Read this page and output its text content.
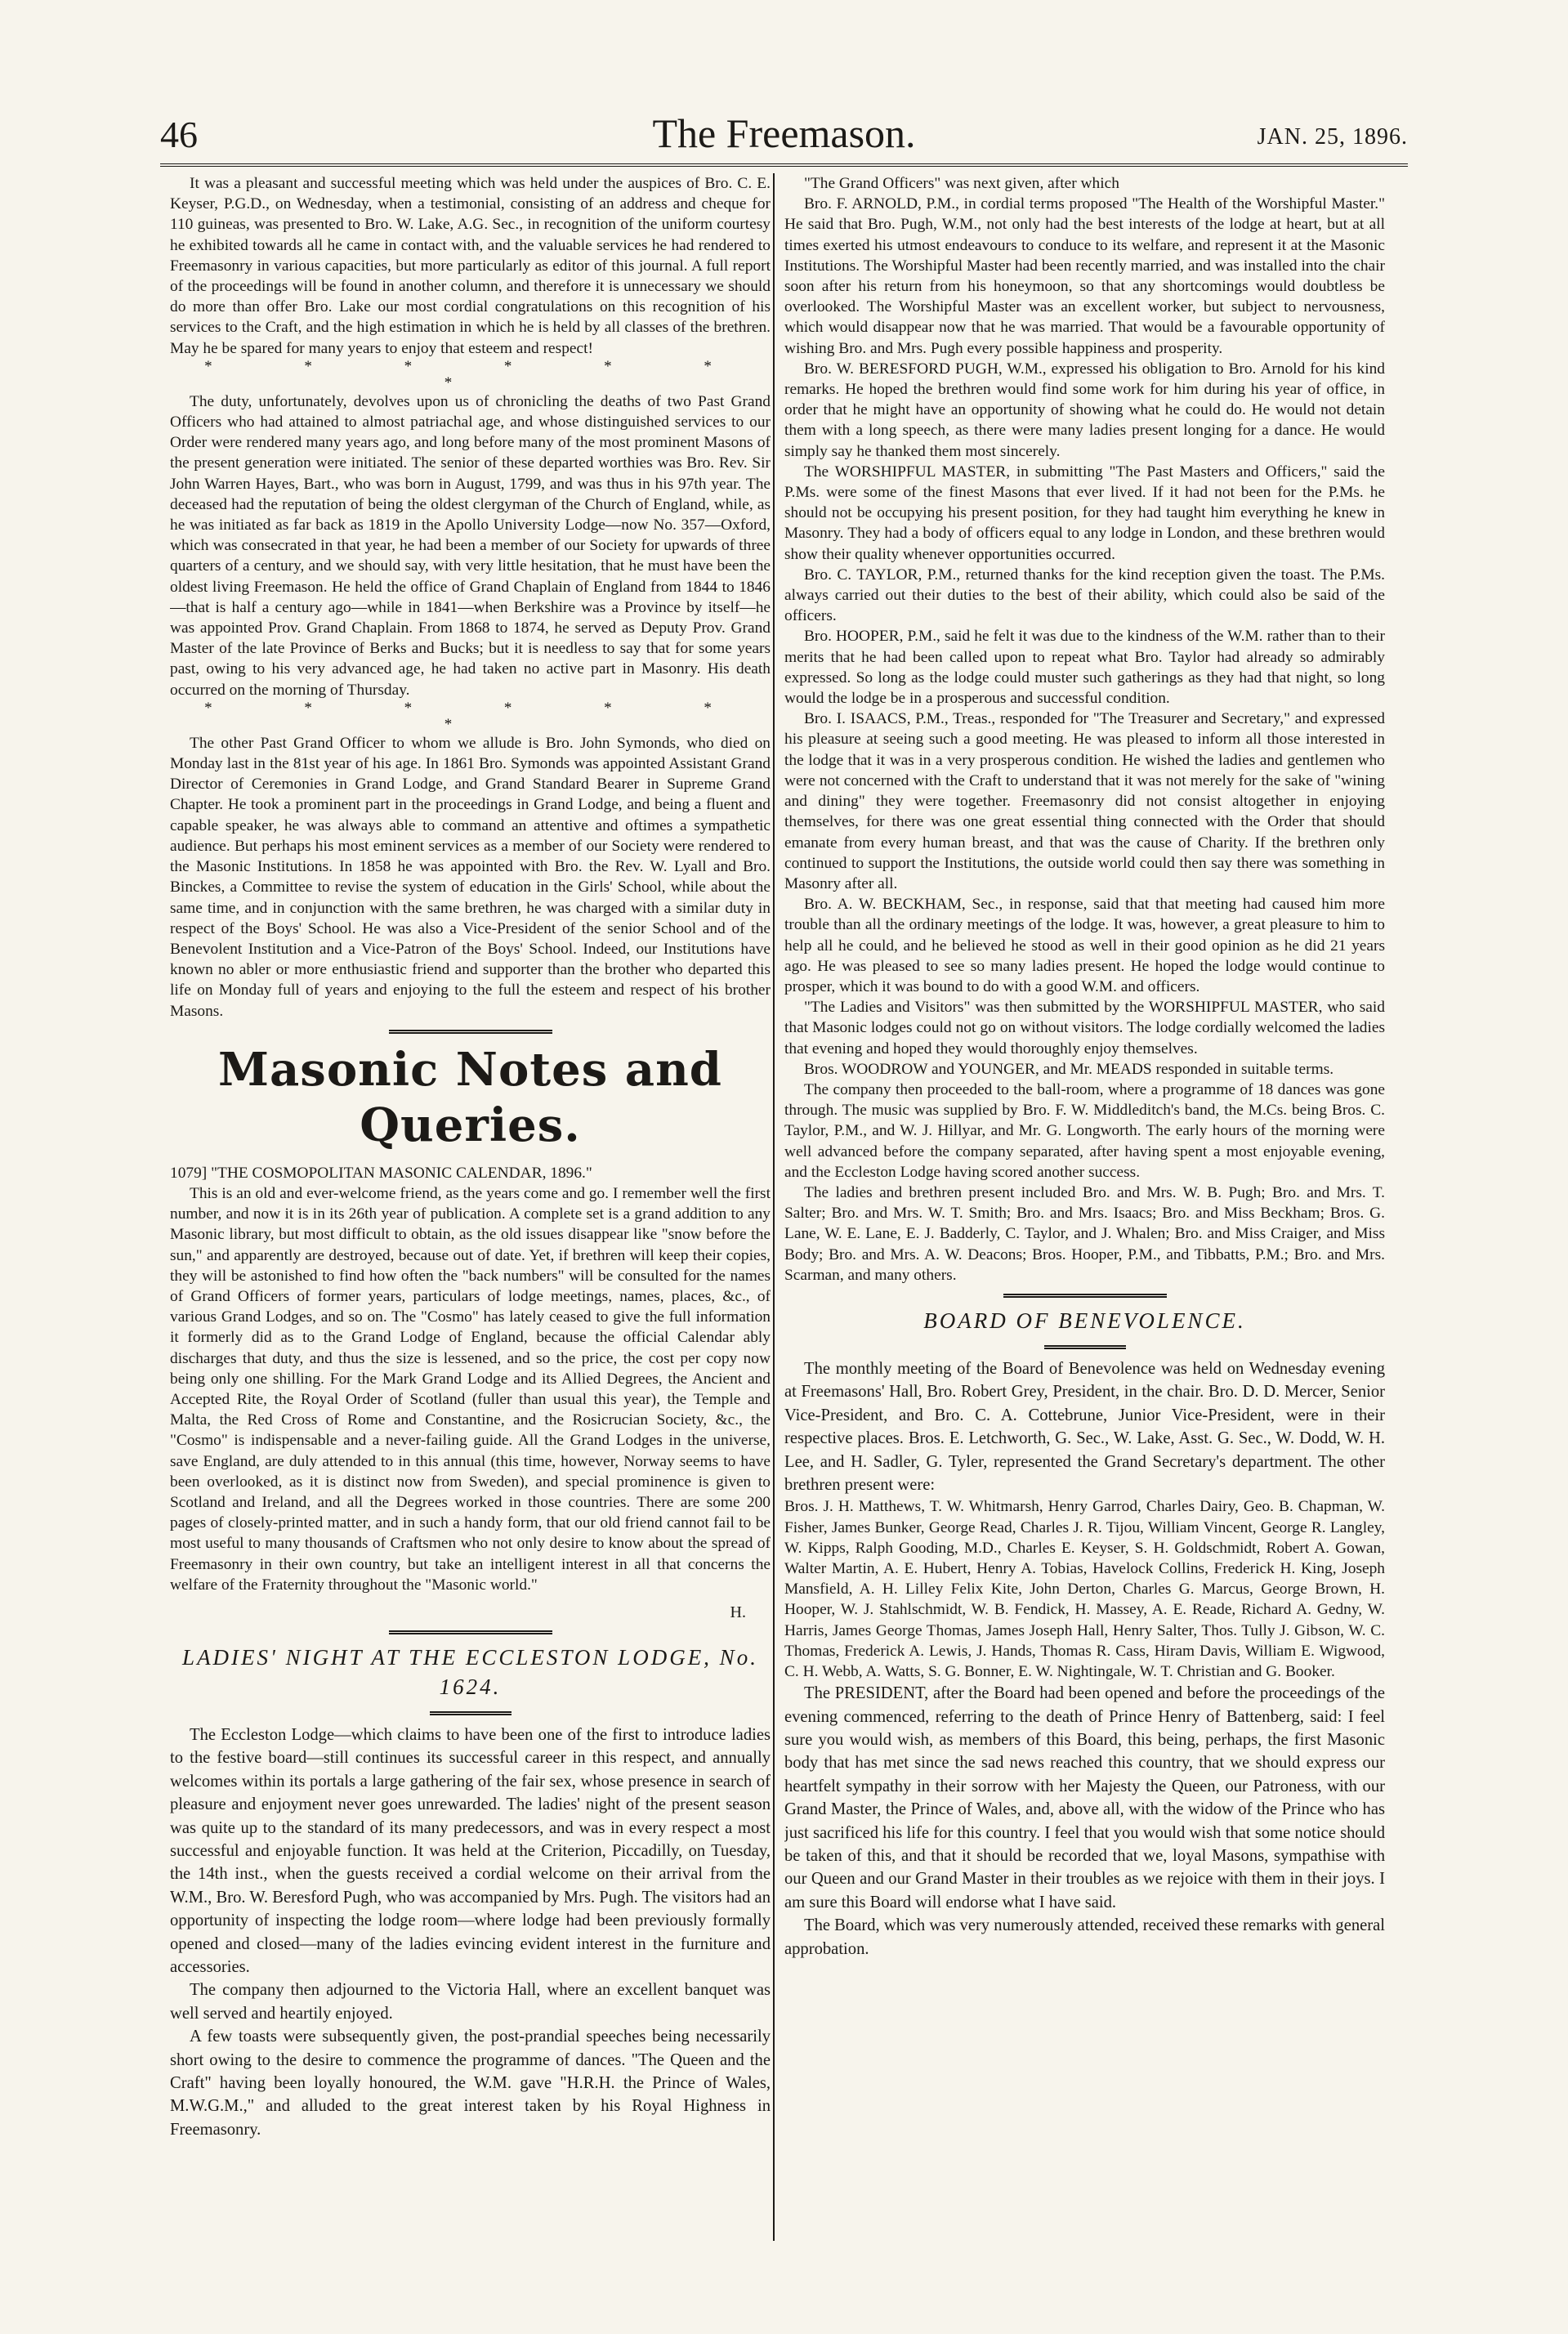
46	The Freemason.	JAN. 25, 1896.

It was a pleasant and successful meeting which was held under the auspices of Bro. C. E. Keyser, P.G.D., on Wednesday, when a testimonial, consisting of an address and cheque for 110 guineas, was presented to Bro. W. Lake, A.G. Sec., in recognition of the uniform courtesy he exhibited towards all he came in contact with, and the valuable services he had rendered to Freemasonry in various capacities, but more particularly as editor of this journal. A full report of the proceedings will be found in another column, and therefore it is unnecessary we should do more than offer Bro. Lake our most cordial congratulations on this recognition of his services to the Craft, and the high estimation in which he is held by all classes of the brethren. May he be spared for many years to enjoy that esteem and respect!

* * * * * * *

The duty, unfortunately, devolves upon us of chronicling the deaths of two Past Grand Officers who had attained to almost patriachal age, and whose distinguished services to our Order were rendered many years ago, and long before many of the most prominent Masons of the present generation were initiated. The senior of these departed worthies was Bro. Rev. Sir John Warren Hayes, Bart., who was born in August, 1799, and was thus in his 97th year. The deceased had the reputation of being the oldest clergyman of the Church of England, while, as he was initiated as far back as 1819 in the Apollo University Lodge—now No. 357—Oxford, which was consecrated in that year, he had been a member of our Society for upwards of three quarters of a century, and we should say, with very little hesitation, that he must have been the oldest living Freemason. He held the office of Grand Chaplain of England from 1844 to 1846—that is half a century ago—while in 1841—when Berkshire was a Province by itself—he was appointed Prov. Grand Chaplain. From 1868 to 1874, he served as Deputy Prov. Grand Master of the late Province of Berks and Bucks; but it is needless to say that for some years past, owing to his very advanced age, he had taken no active part in Masonry. His death occurred on the morning of Thursday.

* * * * * * *

The other Past Grand Officer to whom we allude is Bro. John Symonds, who died on Monday last in the 81st year of his age. In 1861 Bro. Symonds was appointed Assistant Grand Director of Ceremonies in Grand Lodge, and Grand Standard Bearer in Supreme Grand Chapter. He took a prominent part in the proceedings in Grand Lodge, and being a fluent and capable speaker, he was always able to command an attentive and oftimes a sympathetic audience. But perhaps his most eminent services as a member of our Society were rendered to the Masonic Institutions. In 1858 he was appointed with Bro. the Rev. W. Lyall and Bro. Binckes, a Committee to revise the system of education in the Girls' School, while about the same time, and in conjunction with the same brethren, he was charged with a similar duty in respect of the Boys' School. He was also a Vice-President of the senior School and of the Benevolent Institution and a Vice-Patron of the Boys' School. Indeed, our Institutions have known no abler or more enthusiastic friend and supporter than the brother who departed this life on Monday full of years and enjoying to the full the esteem and respect of his brother Masons.

Masonic Notes and Queries.

1079] "THE COSMOPOLITAN MASONIC CALENDAR, 1896."

This is an old and ever-welcome friend, as the years come and go. I remember well the first number, and now it is in its 26th year of publication. A complete set is a grand addition to any Masonic library, but most difficult to obtain, as the old issues disappear like "snow before the sun," and apparently are destroyed, because out of date. Yet, if brethren will keep their copies, they will be astonished to find how often the "back numbers" will be consulted for the names of Grand Officers of former years, particulars of lodge meetings, names, places, &c., of various Grand Lodges, and so on. The "Cosmo" has lately ceased to give the full information it formerly did as to the Grand Lodge of England, because the official Calendar ably discharges that duty, and thus the size is lessened, and so the price, the cost per copy now being only one shilling. For the Mark Grand Lodge and its Allied Degrees, the Ancient and Accepted Rite, the Royal Order of Scotland (fuller than usual this year), the Temple and Malta, the Red Cross of Rome and Constantine, and the Rosicrucian Society, &c., the "Cosmo" is indispensable and a never-failing guide. All the Grand Lodges in the universe, save England, are duly attended to in this annual (this time, however, Norway seems to have been overlooked, as it is distinct now from Sweden), and special prominence is given to Scotland and Ireland, and all the Degrees worked in those countries. There are some 200 pages of closely-printed matter, and in such a handy form, that our old friend cannot fail to be most useful to many thousands of Craftsmen who not only desire to know about the spread of Freemasonry in their own country, but take an intelligent interest in all that concerns the welfare of the Fraternity throughout the "Masonic world."

H.
LADIES' NIGHT AT THE ECCLESTON LODGE, No. 1624.

The Eccleston Lodge—which claims to have been one of the first to introduce ladies to the festive board—still continues its successful career in this respect, and annually welcomes within its portals a large gathering of the fair sex, whose presence in search of pleasure and enjoyment never goes unrewarded. The ladies' night of the present season was quite up to the standard of its many predecessors, and was in every respect a most successful and enjoyable function. It was held at the Criterion, Piccadilly, on Tuesday, the 14th inst., when the guests received a cordial welcome on their arrival from the W.M., Bro. W. Beresford Pugh, who was accompanied by Mrs. Pugh. The visitors had an opportunity of inspecting the lodge room—where lodge had been previously formally opened and closed—many of the ladies evincing evident interest in the furniture and accessories.

The company then adjourned to the Victoria Hall, where an excellent banquet was well served and heartily enjoyed.

A few toasts were subsequently given, the post-prandial speeches being necessarily short owing to the desire to commence the programme of dances. "The Queen and the Craft" having been loyally honoured, the W.M. gave "H.R.H. the Prince of Wales, M.W.G.M.," and alluded to the great interest taken by his Royal Highness in Freemasonry.

"The Grand Officers" was next given, after which

Bro. F. ARNOLD, P.M., in cordial terms proposed "The Health of the Worshipful Master." He said that Bro. Pugh, W.M., not only had the best interests of the lodge at heart, but at all times exerted his utmost endeavours to conduce to its welfare, and represent it at the Masonic Institutions. The Worshipful Master had been recently married, and was installed into the chair soon after his return from his honeymoon, so that any shortcomings would doubtless be overlooked. The Worshipful Master was an excellent worker, but subject to nervousness, which would disappear now that he was married. That would be a favourable opportunity of wishing Bro. and Mrs. Pugh every possible happiness and prosperity.

Bro. W. BERESFORD PUGH, W.M., expressed his obligation to Bro. Arnold for his kind remarks. He hoped the brethren would find some work for him during his year of office, in order that he might have an opportunity of showing what he could do. He would not detain them with a long speech, as there were many ladies present longing for a dance. He would simply say he thanked them most sincerely.

The WORSHIPFUL MASTER, in submitting "The Past Masters and Officers," said the P.Ms. were some of the finest Masons that ever lived. If it had not been for the P.Ms. he should not be occupying his present position, for they had taught him everything he knew in Masonry. They had a body of officers equal to any lodge in London, and these brethren would show their quality whenever opportunities occurred.

Bro. C. TAYLOR, P.M., returned thanks for the kind reception given the toast. The P.Ms. always carried out their duties to the best of their ability, which could also be said of the officers.

Bro. HOOPER, P.M., said he felt it was due to the kindness of the W.M. rather than to their merits that he had been called upon to repeat what Bro. Taylor had already so admirably expressed. So long as the lodge could muster such gatherings as they had that night, so long would the lodge be in a prosperous and successful condition.

Bro. I. ISAACS, P.M., Treas., responded for "The Treasurer and Secretary," and expressed his pleasure at seeing such a good meeting. He was pleased to inform all those interested in the lodge that it was in a very prosperous condition. He wished the ladies and gentlemen who were not concerned with the Craft to understand that it was not merely for the sake of "wining and dining" they were together. Freemasonry did not consist altogether in enjoying themselves, for there was one great essential thing connected with the Order that should emanate from every human breast, and that was the cause of Charity. If the brethren only continued to support the Institutions, the outside world could then say there was something in Masonry after all.

Bro. A. W. BECKHAM, Sec., in response, said that that meeting had caused him more trouble than all the ordinary meetings of the lodge. It was, however, a great pleasure to him to help all he could, and he believed he stood as well in their good opinion as he did 21 years ago. He was pleased to see so many ladies present. He hoped the lodge would continue to prosper, which it was bound to do with a good W.M. and officers.

"The Ladies and Visitors" was then submitted by the WORSHIPFUL MASTER, who said that Masonic lodges could not go on without visitors. The lodge cordially welcomed the ladies that evening and hoped they would thoroughly enjoy themselves.

Bros. WOODROW and YOUNGER, and Mr. MEADS responded in suitable terms.

The company then proceeded to the ball-room, where a programme of 18 dances was gone through. The music was supplied by Bro. F. W. Middleditch's band, the M.Cs. being Bros. C. Taylor, P.M., and W. J. Hillyar, and Mr. G. Longworth. The early hours of the morning were well advanced before the company separated, after having spent a most enjoyable evening, and the Eccleston Lodge having scored another success.

The ladies and brethren present included Bro. and Mrs. W. B. Pugh; Bro. and Mrs. T. Salter; Bro. and Mrs. W. T. Smith; Bro. and Mrs. Isaacs; Bro. and Miss Beckham; Bros. G. Lane, W. E. Lane, E. J. Badderly, C. Taylor, and J. Whalen; Bro. and Miss Craiger, and Miss Body; Bro. and Mrs. A. W. Deacons; Bros. Hooper, P.M., and Tibbatts, P.M.; Bro. and Mrs. Scarman, and many others.

BOARD OF BENEVOLENCE.

The monthly meeting of the Board of Benevolence was held on Wednesday evening at Freemasons' Hall, Bro. Robert Grey, President, in the chair. Bro. D. D. Mercer, Senior Vice-President, and Bro. C. A. Cottebrune, Junior Vice-President, were in their respective places. Bros. E. Letchworth, G. Sec., W. Lake, Asst. G. Sec., W. Dodd, W. H. Lee, and H. Sadler, G. Tyler, represented the Grand Secretary's department. The other brethren present were:

Bros. J. H. Matthews, T. W. Whitmarsh, Henry Garrod, Charles Dairy, Geo. B. Chapman, W. Fisher, James Bunker, George Read, Charles J. R. Tijou, William Vincent, George R. Langley, W. Kipps, Ralph Gooding, M.D., Charles E. Keyser, S. H. Goldschmidt, Robert A. Gowan, Walter Martin, A. E. Hubert, Henry A. Tobias, Havelock Collins, Frederick H. King, Joseph Mansfield, A. H. Lilley Felix Kite, John Derton, Charles G. Marcus, George Brown, H. Hooper, W. J. Stahlschmidt, W. B. Fendick, H. Massey, A. E. Reade, Richard A. Gedny, W. Harris, James George Thomas, James Joseph Hall, Henry Salter, Thos. Tully J. Gibson, W. C. Thomas, Frederick A. Lewis, J. Hands, Thomas R. Cass, Hiram Davis, William E. Wigwood, C. H. Webb, A. Watts, S. G. Bonner, E. W. Nightingale, W. T. Christian and G. Booker.

The PRESIDENT, after the Board had been opened and before the proceedings of the evening commenced, referring to the death of Prince Henry of Battenberg, said: I feel sure you would wish, as members of this Board, this being, perhaps, the first Masonic body that has met since the sad news reached this country, that we should express our heartfelt sympathy in their sorrow with her Majesty the Queen, our Patroness, with our Grand Master, the Prince of Wales, and, above all, with the widow of the Prince who has just sacrificed his life for this country. I feel that you would wish that some notice should be taken of this, and that it should be recorded that we, loyal Masons, sympathise with our Queen and our Grand Master in their troubles as we rejoice with them in their joys. I am sure this Board will endorse what I have said.

The Board, which was very numerously attended, received these remarks with general approbation.
